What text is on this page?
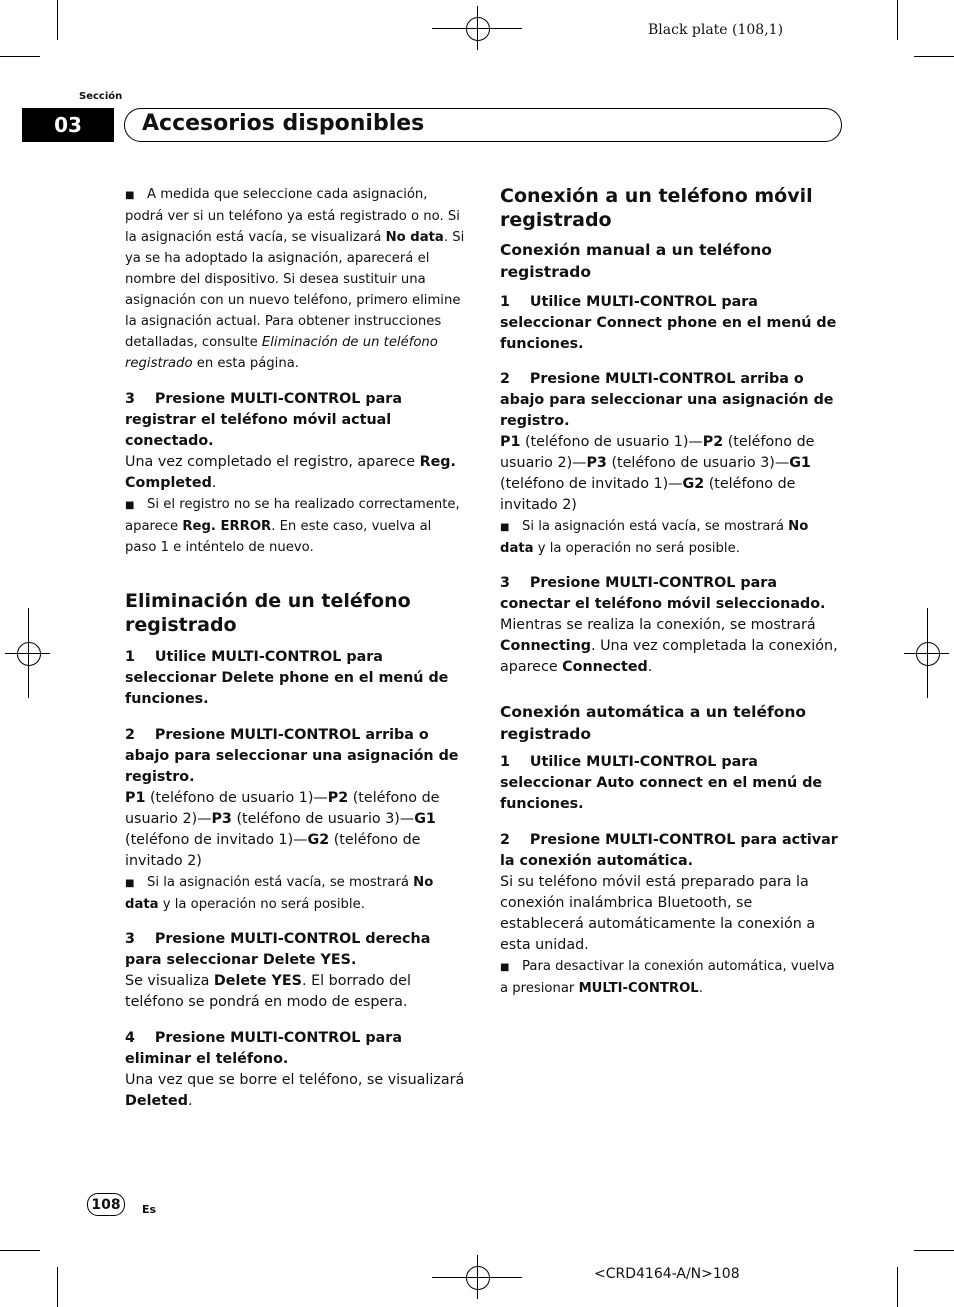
Black plate (108,1)
Sección
03	Accesorios disponibles

■ A medida que seleccione cada asignación, podrá ver si un teléfono ya está registrado o no. Si la asignación está vacía, se visualizará No data. Si ya se ha adoptado la asignación, aparecerá el nombre del dispositivo. Si desea sustituir una asignación con un nuevo teléfono, primero elimine la asignación actual. Para obtener instrucciones detalladas, consulte Eliminación de un teléfono registrado en esta página.

3 Presione MULTI-CONTROL para registrar el teléfono móvil actual conectado.

Una vez completado el registro, aparece Reg. Completed.

■ Si el registro no se ha realizado correctamente, aparece Reg. ERROR. En este caso, vuelva al paso 1 e inténtelo de nuevo.

Eliminación de un teléfono registrado

1 Utilice MULTI-CONTROL para seleccionar Delete phone en el menú de funciones.

2 Presione MULTI-CONTROL arriba o abajo para seleccionar una asignación de registro.

P1 (teléfono de usuario 1)—P2 (teléfono de usuario 2)—P3 (teléfono de usuario 3)—G1 (teléfono de invitado 1)—G2 (teléfono de invitado 2)

■ Si la asignación está vacía, se mostrará No data y la operación no será posible.

3 Presione MULTI-CONTROL derecha para seleccionar Delete YES.

Se visualiza Delete YES. El borrado del teléfono se pondrá en modo de espera.

4 Presione MULTI-CONTROL para eliminar el teléfono.

Una vez que se borre el teléfono, se visualizará Deleted.

Conexión a un teléfono móvil registrado

Conexión manual a un teléfono registrado

1 Utilice MULTI-CONTROL para seleccionar Connect phone en el menú de funciones.

2 Presione MULTI-CONTROL arriba o abajo para seleccionar una asignación de registro.

P1 (teléfono de usuario 1)—P2 (teléfono de usuario 2)—P3 (teléfono de usuario 3)—G1 (teléfono de invitado 1)—G2 (teléfono de invitado 2)

■ Si la asignación está vacía, se mostrará No data y la operación no será posible.

3 Presione MULTI-CONTROL para conectar el teléfono móvil seleccionado.

Mientras se realiza la conexión, se mostrará Connecting. Una vez completada la conexión, aparece Connected.

Conexión automática a un teléfono registrado

1 Utilice MULTI-CONTROL para seleccionar Auto connect en el menú de funciones.

2 Presione MULTI-CONTROL para activar la conexión automática.

Si su teléfono móvil está preparado para la conexión inalámbrica Bluetooth, se establecerá automáticamente la conexión a esta unidad.

■ Para desactivar la conexión automática, vuelva a presionar MULTI-CONTROL.

108	Es
<CRD4164-A/N>108
